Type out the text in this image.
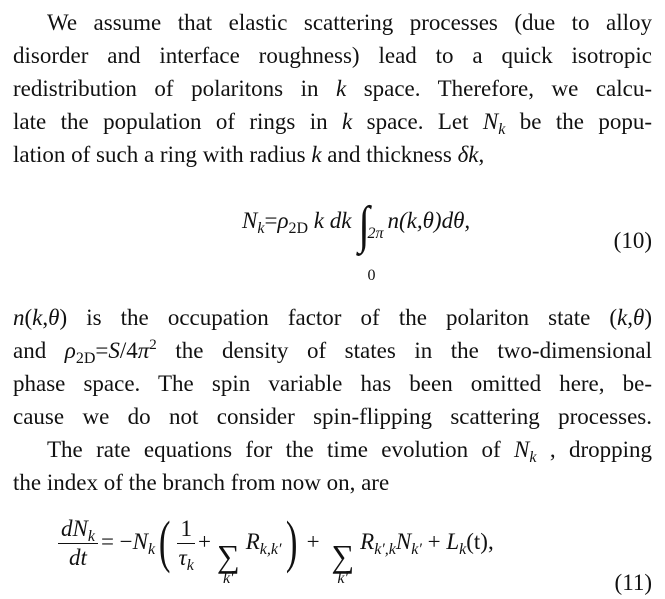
We assume that elastic scattering processes (due to alloy
disorder and interface roughness) lead to a quick isotropic
redistribution of polaritons in k space. Therefore, we calcu-
late the population of rings in k space. Let $N_k$ be the popu-
lation of such a ring with radius k and thickness δk,
$N_k=\rho_{2D}$ k dk ∫
2π
0
n(k,θ)dθ,
(10)
n(k,θ) is the occupation factor of the polariton state (k,θ)
and $\rho_{2D}=S/4\pi^2$ the density of states in the two-dimensional
phase space. The spin variable has been omitted here, be-
cause we do not consider spin-flipping scattering processes.
The rate equations for the time evolution of $N_k$ , dropping
the index of the branch from now on, are
$\frac{dN_k}{dt} = -N_k( \frac{1}{\tau_k}$ + ∑
k′
$R_{k,k'}$) + ∑
k′
$R_{k',k}N_{k'} + L_k(t)$,
(11)
